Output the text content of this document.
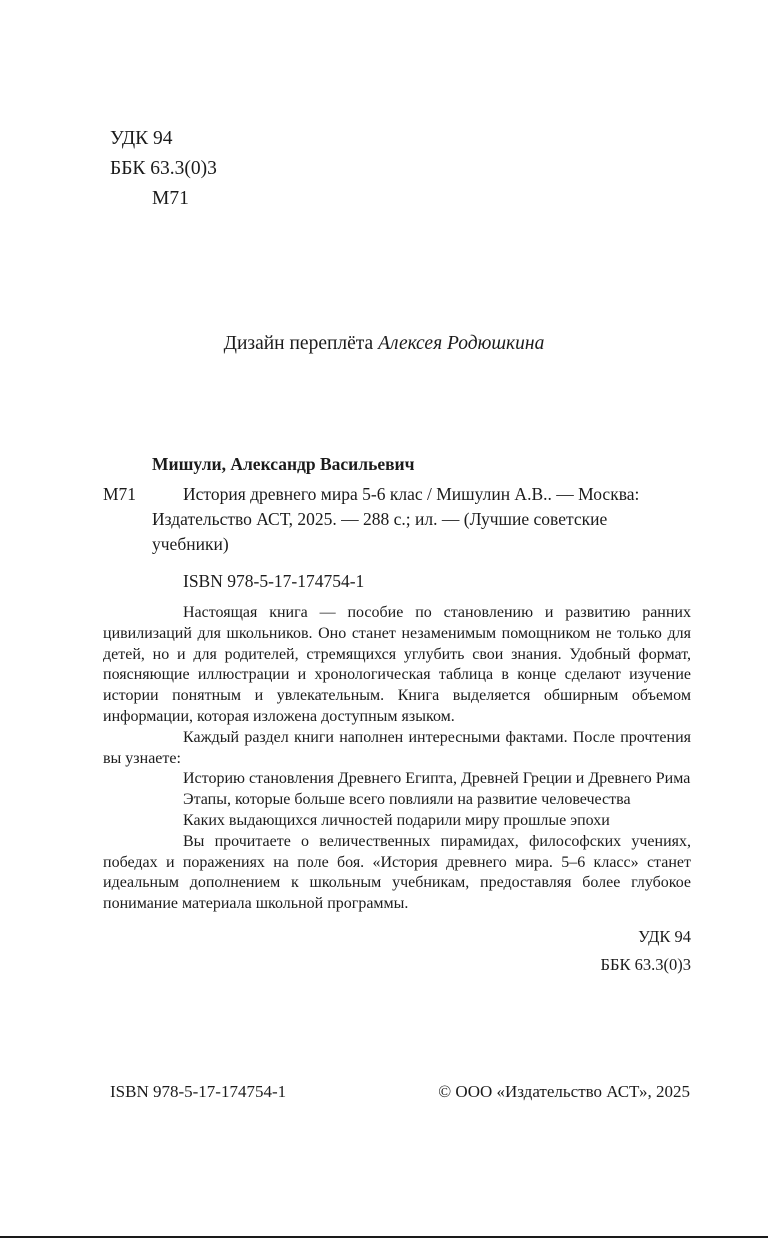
УДК 94
ББК 63.3(0)3
М71
Дизайн переплёта Алексея Родюшкина
Мишули, Александр Васильевич
М71	История древнего мира 5-6 клас / Мишулин А.В.. — Москва:
Издательство АСТ, 2025. — 288 с.; ил. — (Лучшие советские
учебники)
ISBN 978-5-17-174754-1

Настоящая книга — пособие по становлению и развитию ранних цивилизаций для школьников. Оно станет незаменимым помощником не только для детей, но и для родителей, стремящихся углубить свои знания. Удобный формат, поясняющие иллюстрации и хронологическая таблица в конце сделают изучение истории понятным и увлекательным. Книга выделяется обширным объемом информации, которая изложена доступным языком.

Каждый раздел книги наполнен интересными фактами. После прочтения вы узнаете:

Историю становления Древнего Египта, Древней Греции и Древнего Рима

Этапы, которые больше всего повлияли на развитие человечества

Каких выдающихся личностей подарили миру прошлые эпохи

Вы прочитаете о величественных пирамидах, философских учениях, победах и поражениях на поле боя. «История древнего мира. 5–6 класс» станет идеальным дополнением к школьным учебникам, предоставляя более глубокое понимание материала школьной программы.

УДК 94
ББК 63.3(0)3
ISBN 978-5-17-174754-1	© ООО «Издательство АСТ», 2025
